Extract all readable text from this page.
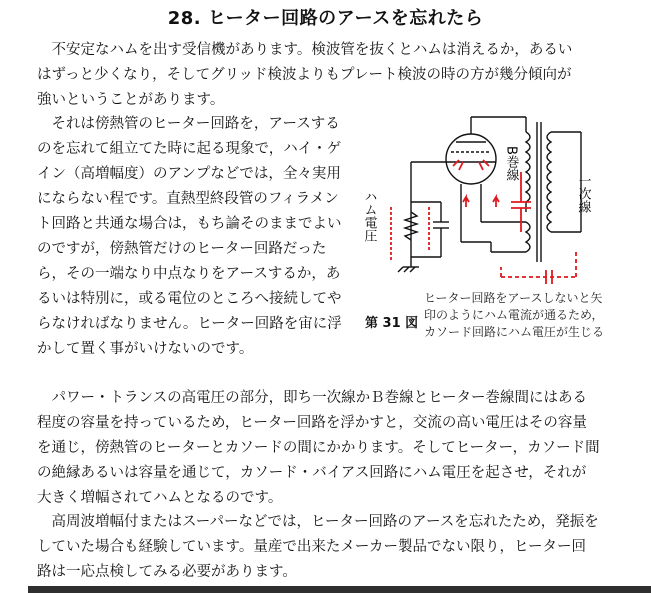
28. ヒーター回路のアースを忘れたら

不安定なハムを出す受信機があります。検波管を抜くとハムは消えるか，あるいはずっと少くなり，そしてグリッド検波よりもプレート検波の時の方が幾分傾向が強いということがあります。

それは傍熱管のヒーター回路を，アースするのを忘れて組立てた時に起る現象で，ハイ・ゲイン（高増幅度）のアンプなどでは，全々実用にならない程です。直熱型終段管のフィラメント回路と共通な場合は，もち論そのままでよいのですが，傍熱管だけのヒーター回路だったら，その一端なり中点なりをアースするか，あるいは特別に，或る電位のところへ接続してやらなければなりません。ヒーター回路を宙に浮かして置く事がいけないのです。

B巻線
一次線
ハム電圧
第 31 図
ヒーター回路をアースしないと矢印のようにハム電流が通るため，カソード回路にハム電圧が生じる

パワー・トランスの高電圧の部分，即ち一次線かＢ巻線とヒーター巻線間にはある程度の容量を持っているため，ヒーター回路を浮かすと，交流の高い電圧はその容量を通じ，傍熱管のヒーターとカソードの間にかかります。そしてヒーター，カソード間の絶縁あるいは容量を通じて，カソード・バイアス回路にハム電圧を起させ，それが大きく増幅されてハムとなるのです。

高周波増幅付またはスーパーなどでは，ヒーター回路のアースを忘れたため，発振をしていた場合も経験しています。量産で出来たメーカー製品でない限り，ヒーター回路は一応点検してみる必要があります。
